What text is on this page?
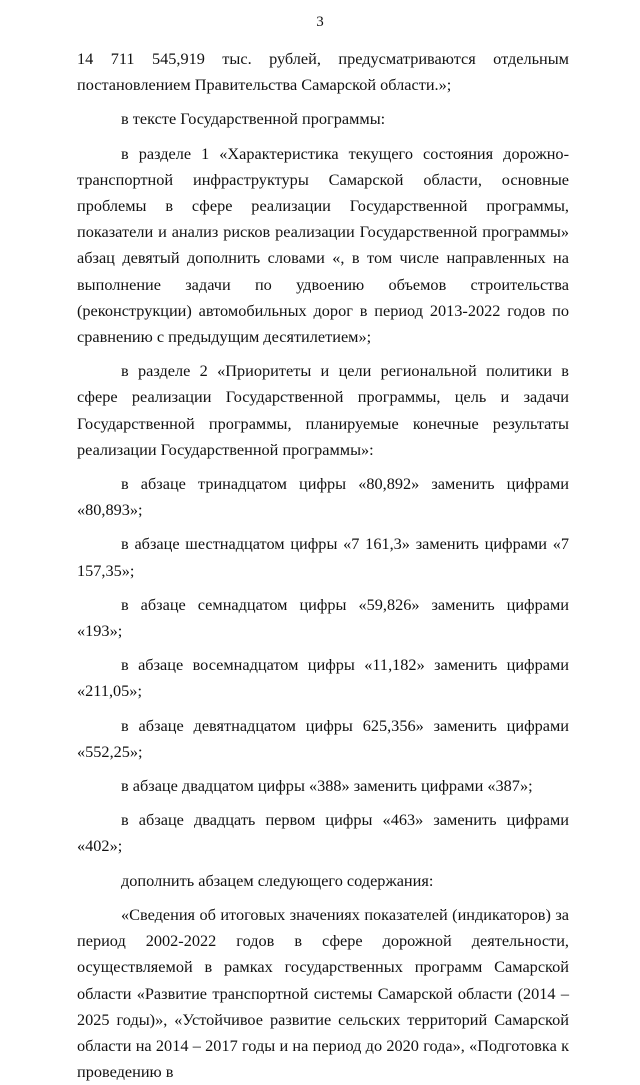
3

14 711 545,919 тыс. рублей, предусматриваются отдельным постановлением Правительства Самарской области.»;

в тексте Государственной программы:

в разделе 1 «Характеристика текущего состояния дорожно-транспортной инфраструктуры Самарской области, основные проблемы в сфере реализации Государственной программы, показатели и анализ рисков реализации Государственной программы» абзац девятый дополнить словами «, в том числе направленных на выполнение задачи по удвоению объемов строительства (реконструкции) автомобильных дорог в период 2013-2022 годов по сравнению с предыдущим десятилетием»;

в разделе 2 «Приоритеты и цели региональной политики в сфере реализации Государственной программы, цель и задачи Государственной программы, планируемые конечные результаты реализации Государственной программы»:

в абзаце тринадцатом цифры «80,892» заменить цифрами «80,893»;

в абзаце шестнадцатом цифры «7 161,3» заменить цифрами «7 157,35»;

в абзаце семнадцатом цифры «59,826» заменить цифрами «193»;

в абзаце восемнадцатом цифры «11,182» заменить цифрами «211,05»;

в абзаце девятнадцатом цифры 625,356» заменить цифрами «552,25»;

в абзаце двадцатом цифры «388» заменить цифрами «387»;

в абзаце двадцать первом цифры «463» заменить цифрами «402»;

дополнить абзацем следующего содержания:

«Сведения об итоговых значениях показателей (индикаторов) за период 2002-2022 годов в сфере дорожной деятельности, осуществляемой в рамках государственных программ Самарской области «Развитие транспортной системы Самарской области (2014 – 2025 годы)», «Устойчивое развитие сельских территорий Самарской области на 2014 – 2017 годы и на период до 2020 года», «Подготовка к проведению в
